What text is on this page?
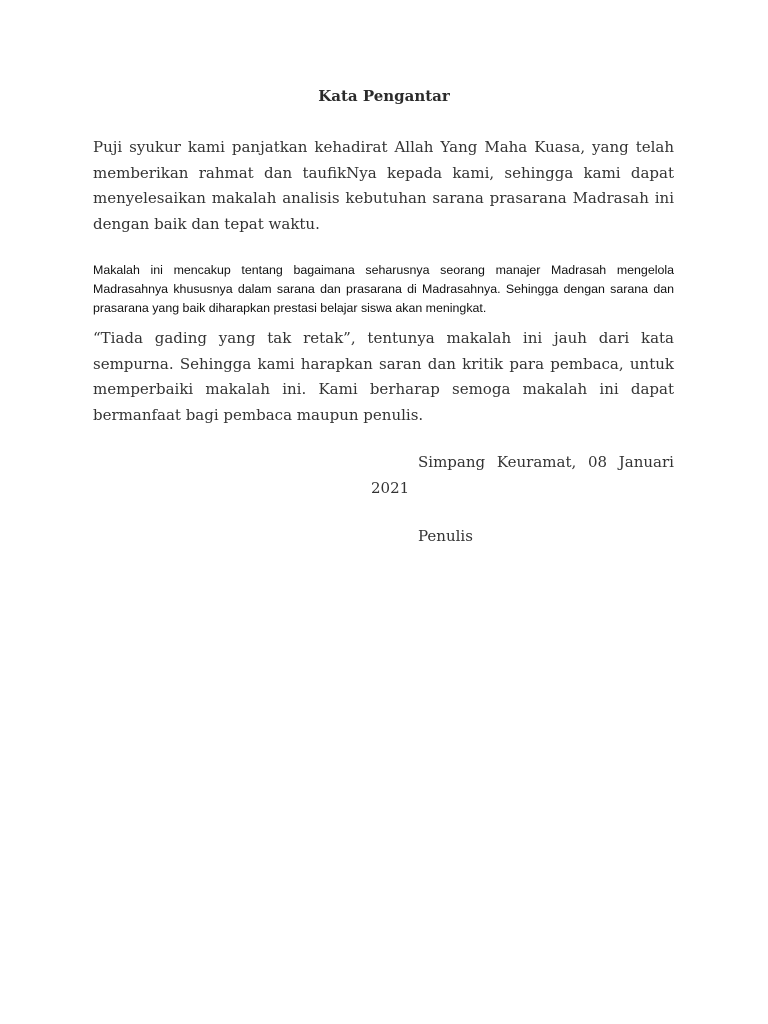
Kata Pengantar

Puji syukur kami panjatkan kehadirat Allah Yang Maha Kuasa, yang telah memberikan rahmat dan taufikNya kepada kami, sehingga kami dapat menyelesaikan makalah analisis kebutuhan sarana prasarana Madrasah ini dengan baik dan tepat waktu.

Makalah ini mencakup tentang bagaimana seharusnya seorang manajer Madrasah mengelola Madrasahnya khususnya dalam sarana dan prasarana di Madrasahnya. Sehingga dengan sarana dan prasarana yang baik diharapkan prestasi belajar siswa akan meningkat.

“Tiada gading yang tak retak”, tentunya makalah ini jauh dari kata sempurna. Sehingga kami harapkan saran dan kritik para pembaca, untuk memperbaiki makalah ini. Kami berharap semoga makalah ini dapat bermanfaat bagi pembaca maupun penulis.

Simpang Keuramat, 08 Januari
2021
Penulis
